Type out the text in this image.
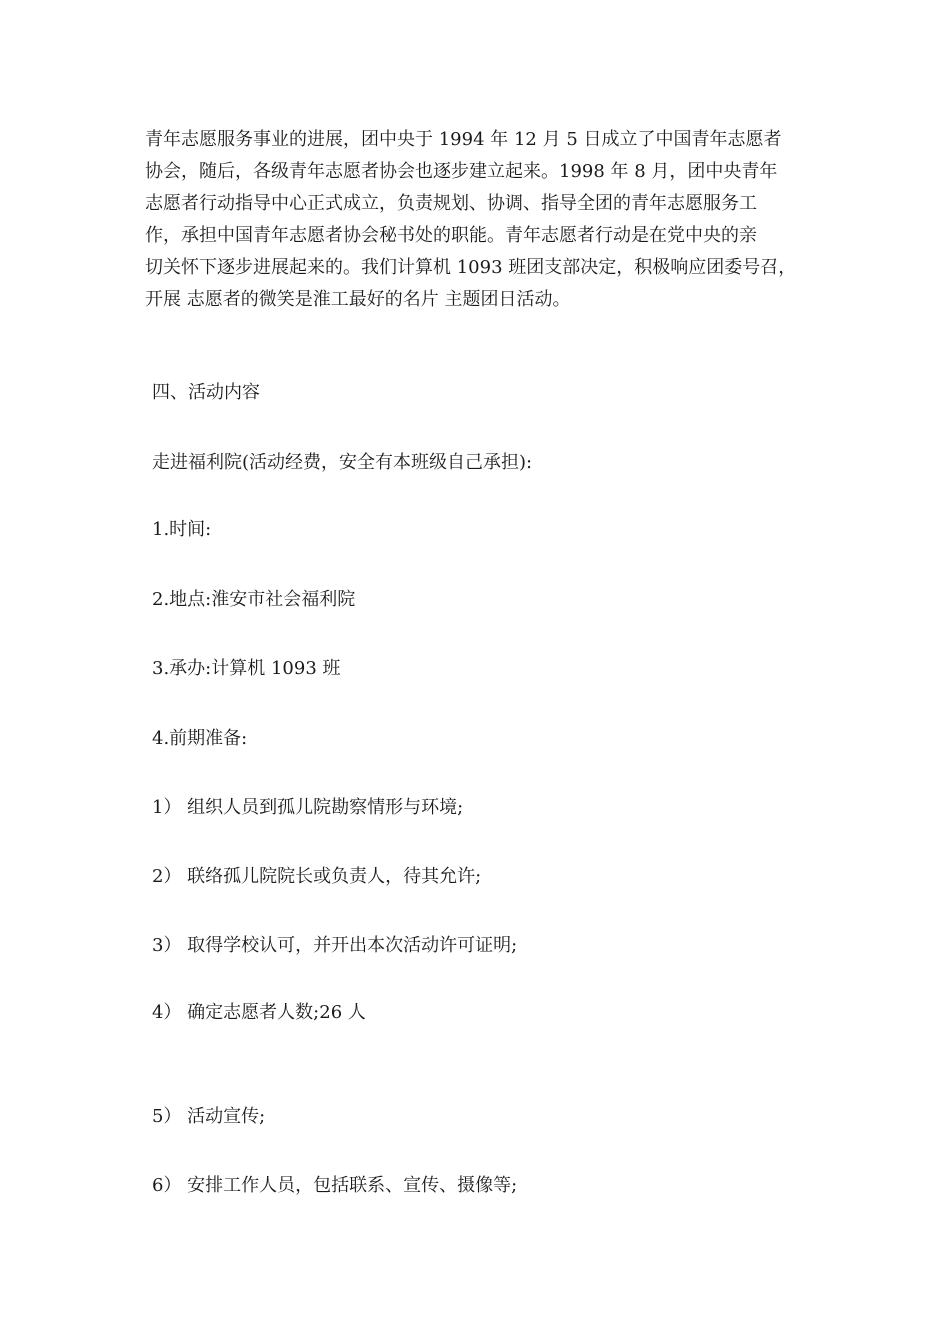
青年志愿服务事业的进展，团中央于 1994 年 12 月 5 日成立了中国青年志愿者
协会，随后，各级青年志愿者协会也逐步建立起来。1998 年 8 月，团中央青年
志愿者行动指导中心正式成立，负责规划、协调、指导全团的青年志愿服务工
作，承担中国青年志愿者协会秘书处的职能。青年志愿者行动是在党中央的亲
切关怀下逐步进展起来的。我们计算机 1093 班团支部决定，积极响应团委号召，
开展 志愿者的微笑是淮工最好的名片 主题团日活动。
四、活动内容
走进福利院(活动经费，安全有本班级自己承担):
1.时间:
2.地点:淮安市社会福利院
3.承办:计算机 1093 班
4.前期准备:
1） 组织人员到孤儿院勘察情形与环境;
2） 联络孤儿院院长或负责人，待其允许;
3） 取得学校认可，并开出本次活动许可证明;
4） 确定志愿者人数;26 人
5） 活动宣传;
6） 安排工作人员，包括联系、宣传、摄像等;
